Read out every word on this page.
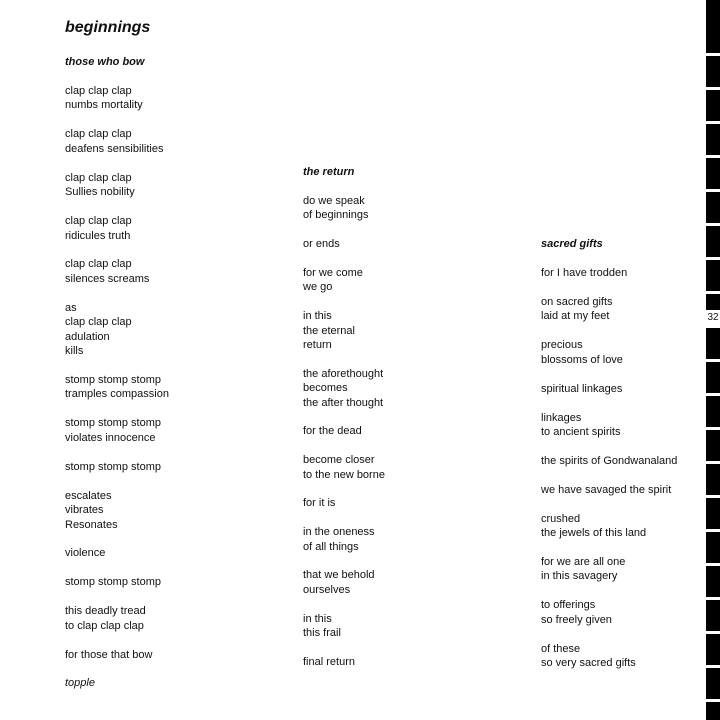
beginnings
those who bow
clap clap clap
numbs mortality
clap clap clap
deafens sensibilities
clap clap clap
Sullies nobility
clap clap clap
ridicules truth
clap clap clap
silences screams
as
clap clap clap
adulation
kills
stomp stomp stomp
tramples compassion
stomp stomp stomp
violates innocence
stomp stomp stomp
escalates
vibrates
Resonates
violence
stomp stomp stomp
this deadly tread
to clap clap clap
for those that bow
topple
the return
do we speak
of beginnings
or ends
for we come
we go
in this
the eternal
return
the aforethought
becomes
the after thought
for the dead
become closer
to the new borne
for it is
in the oneness
of all things
that we behold
ourselves
in this
this frail
final return
sacred gifts
for I have trodden
on sacred gifts
laid at my feet
precious
blossoms of love
spiritual linkages
linkages
to ancient spirits
the spirits of Gondwanaland
we have savaged the spirit
crushed
the jewels of this land
for we are all one
in this savagery
to offerings
so freely given
of these
so very sacred gifts
32
